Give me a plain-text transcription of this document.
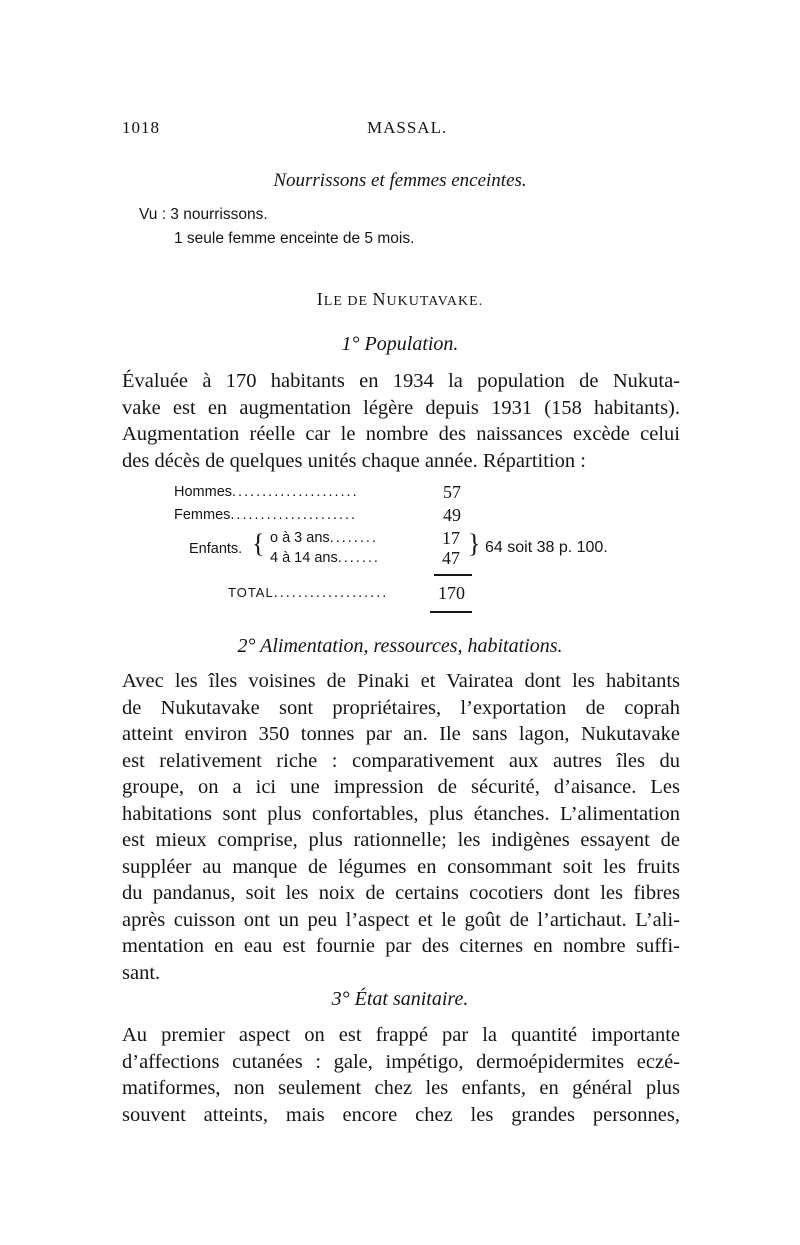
1018	MASSAL.
Nourrissons et femmes enceintes.
Vu : 3 nourrissons.
1 seule femme enceinte de 5 mois.
ILE DE NUKUTAVAKE.
1° Population.
Évaluée à 170 habitants en 1934 la population de Nukuta-
vake est en augmentation légère depuis 1931 (158 habitants).
Augmentation réelle car le nombre des naissances excède celui
des décès de quelques unités chaque année. Répartition :
Hommes.....................	57
Femmes.....................	49
Enfants. { o à 3 ans........	17
4 à 14 ans.......	47 } 64 soit 38 p. 100.
TOTAL...................	170
2° Alimentation, ressources, habitations.
Avec les îles voisines de Pinaki et Vairatea dont les habitants
de Nukutavake sont propriétaires, l’exportation de coprah
atteint environ 350 tonnes par an. Ile sans lagon, Nukutavake
est relativement riche : comparativement aux autres îles du
groupe, on a ici une impression de sécurité, d’aisance. Les
habitations sont plus confortables, plus étanches. L’alimentation
est mieux comprise, plus rationnelle; les indigènes essayent de
suppléer au manque de légumes en consommant soit les fruits
du pandanus, soit les noix de certains cocotiers dont les fibres
après cuisson ont un peu l’aspect et le goût de l’artichaut. L’ali-
mentation en eau est fournie par des citernes en nombre suffi-
sant.
3° État sanitaire.
Au premier aspect on est frappé par la quantité importante
d’affections cutanées : gale, impétigo, dermoépidermites eczé-
matiformes, non seulement chez les enfants, en général plus
souvent atteints, mais encore chez les grandes personnes,
